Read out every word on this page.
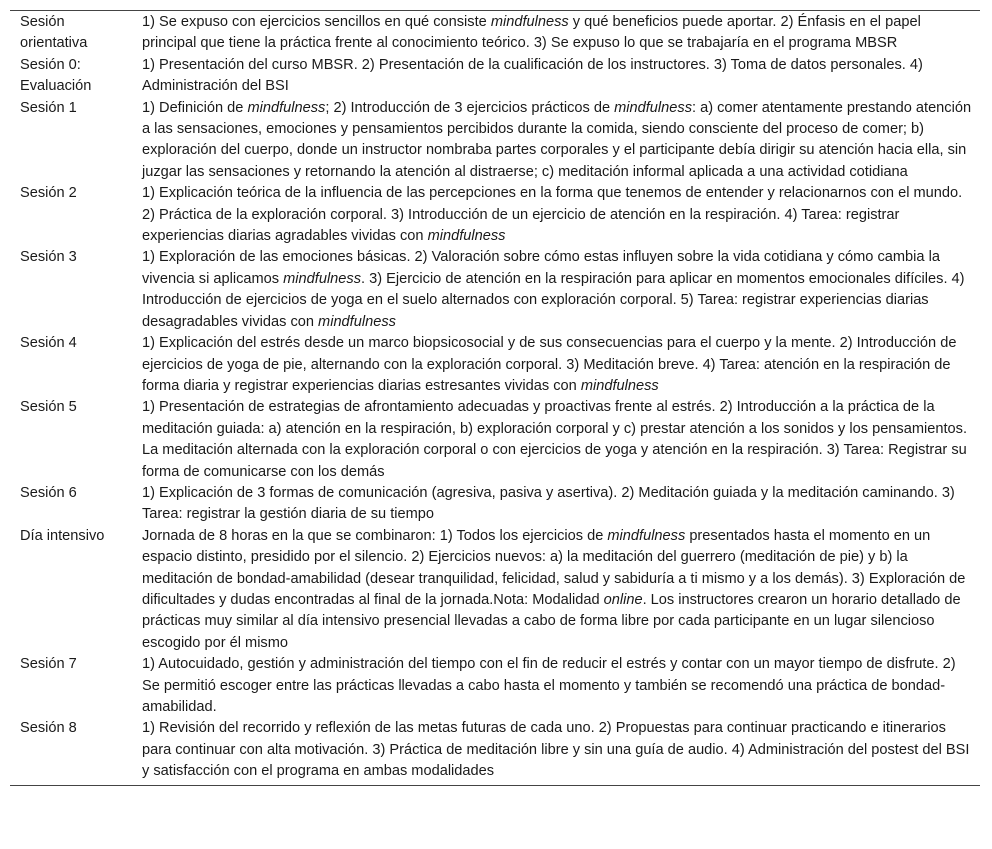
Sesión orientativa	1) Se expuso con ejercicios sencillos en qué consiste mindfulness y qué beneficios puede aportar. 2) Énfasis en el papel principal que tiene la práctica frente al conocimiento teórico. 3) Se expuso lo que se trabajaría en el programa MBSR
Sesión 0: Evaluación	1) Presentación del curso MBSR. 2) Presentación de la cualificación de los instructores. 3) Toma de datos personales. 4) Administración del BSI
Sesión 1	1) Definición de mindfulness; 2) Introducción de 3 ejercicios prácticos de mindfulness: a) comer atentamente prestando atención a las sensaciones, emociones y pensamientos percibidos durante la comida, siendo consciente del proceso de comer; b) exploración del cuerpo, donde un instructor nombraba partes corporales y el participante debía dirigir su atención hacia ella, sin juzgar las sensaciones y retornando la atención al distraerse; c) meditación informal aplicada a una actividad cotidiana
Sesión 2	1) Explicación teórica de la influencia de las percepciones en la forma que tenemos de entender y relacionarnos con el mundo. 2) Práctica de la exploración corporal. 3) Introducción de un ejercicio de atención en la respiración. 4) Tarea: registrar experiencias diarias agradables vividas con mindfulness
Sesión 3	1) Exploración de las emociones básicas. 2) Valoración sobre cómo estas influyen sobre la vida cotidiana y cómo cambia la vivencia si aplicamos mindfulness. 3) Ejercicio de atención en la respiración para aplicar en momentos emocionales difíciles. 4) Introducción de ejercicios de yoga en el suelo alternados con exploración corporal. 5) Tarea: registrar experiencias diarias desagradables vividas con mindfulness
Sesión 4	1) Explicación del estrés desde un marco biopsicosocial y de sus consecuencias para el cuerpo y la mente. 2) Introducción de ejercicios de yoga de pie, alternando con la exploración corporal. 3) Meditación breve. 4) Tarea: atención en la respiración de forma diaria y registrar experiencias diarias estresantes vividas con mindfulness
Sesión 5	1) Presentación de estrategias de afrontamiento adecuadas y proactivas frente al estrés. 2) Introducción a la práctica de la meditación guiada: a) atención en la respiración, b) exploración corporal y c) prestar atención a los sonidos y los pensamientos. La meditación alternada con la exploración corporal o con ejercicios de yoga y atención en la respiración. 3) Tarea: Registrar su forma de comunicarse con los demás
Sesión 6	1) Explicación de 3 formas de comunicación (agresiva, pasiva y asertiva). 2) Meditación guiada y la meditación caminando. 3) Tarea: registrar la gestión diaria de su tiempo
Día intensivo	Jornada de 8 horas en la que se combinaron: 1) Todos los ejercicios de mindfulness presentados hasta el momento en un espacio distinto, presidido por el silencio. 2) Ejercicios nuevos: a) la meditación del guerrero (meditación de pie) y b) la meditación de bondad-amabilidad (desear tranquilidad, felicidad, salud y sabiduría a ti mismo y a los demás). 3) Exploración de dificultades y dudas encontradas al final de la jornada.Nota: Modalidad online. Los instructores crearon un horario detallado de prácticas muy similar al día intensivo presencial llevadas a cabo de forma libre por cada participante en un lugar silencioso escogido por él mismo
Sesión 7	1) Autocuidado, gestión y administración del tiempo con el fin de reducir el estrés y contar con un mayor tiempo de disfrute. 2) Se permitió escoger entre las prácticas llevadas a cabo hasta el momento y también se recomendó una práctica de bondad-amabilidad.
Sesión 8	1) Revisión del recorrido y reflexión de las metas futuras de cada uno. 2) Propuestas para continuar practicando e itinerarios para continuar con alta motivación. 3) Práctica de meditación libre y sin una guía de audio. 4) Administración del postest del BSI y satisfacción con el programa en ambas modalidades
